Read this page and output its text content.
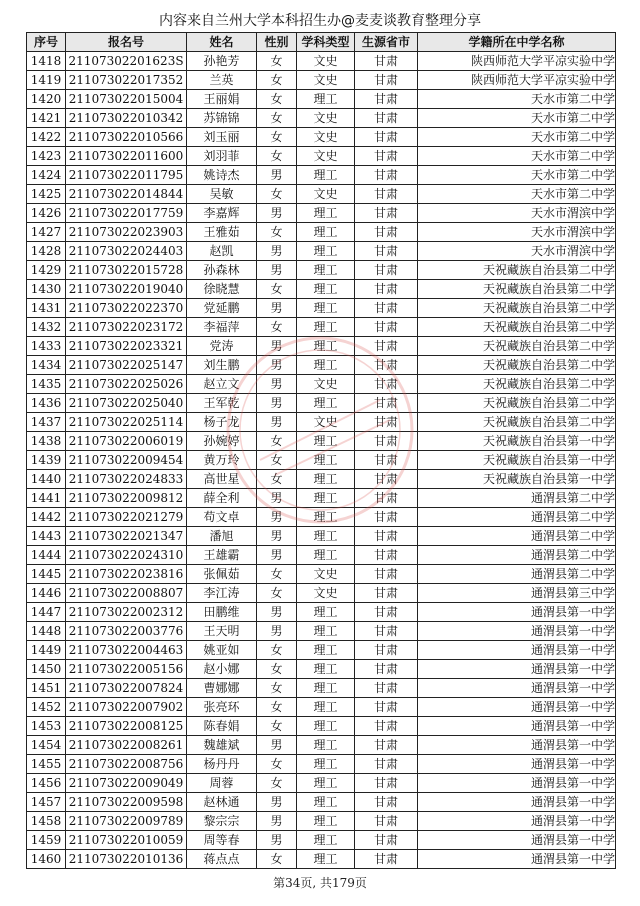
内容来自兰州大学本科招生办@麦麦谈教育整理分享
序号	报名号	姓名	性别	学科类型	生源省市	学籍所在中学名称
1418	21107302201623S	孙艳芳	女	文史	甘肃	陕西师范大学平凉实验中学
1419	211073022017352	兰英	女	文史	甘肃	陕西师范大学平凉实验中学
1420	211073022015004	王丽娟	女	理工	甘肃	天水市第二中学
1421	211073022010342	苏锦锦	女	文史	甘肃	天水市第二中学
1422	211073022010566	刘玉丽	女	文史	甘肃	天水市第二中学
1423	211073022011600	刘羽菲	女	文史	甘肃	天水市第二中学
1424	211073022011795	姚诗杰	男	理工	甘肃	天水市第二中学
1425	211073022014844	吴敏	女	文史	甘肃	天水市第二中学
1426	211073022017759	李嘉辉	男	理工	甘肃	天水市渭滨中学
1427	211073022023903	王雅茹	女	理工	甘肃	天水市渭滨中学
1428	211073022024403	赵凯	男	理工	甘肃	天水市渭滨中学
1429	211073022015728	孙森林	男	理工	甘肃	天祝藏族自治县第二中学
1430	211073022019040	徐晓慧	女	理工	甘肃	天祝藏族自治县第二中学
1431	211073022022370	党延鹏	男	理工	甘肃	天祝藏族自治县第二中学
1432	211073022023172	李福萍	女	理工	甘肃	天祝藏族自治县第二中学
1433	211073022023321	党涛	男	理工	甘肃	天祝藏族自治县第二中学
1434	211073022025147	刘生鹏	男	理工	甘肃	天祝藏族自治县第二中学
1435	211073022025026	赵立文	男	文史	甘肃	天祝藏族自治县第二中学
1436	211073022025040	王军乾	男	理工	甘肃	天祝藏族自治县第二中学
1437	211073022025114	杨子龙	男	文史	甘肃	天祝藏族自治县第二中学
1438	211073022006019	孙婉婷	女	理工	甘肃	天祝藏族自治县第一中学
1439	211073022009454	黄万玲	女	理工	甘肃	天祝藏族自治县第一中学
1440	211073022024833	高世星	女	理工	甘肃	天祝藏族自治县第一中学
1441	211073022009812	薛全利	男	理工	甘肃	通渭县第二中学
1442	211073022021279	苟文卓	男	理工	甘肃	通渭县第二中学
1443	211073022021347	潘旭	男	理工	甘肃	通渭县第二中学
1444	211073022024310	王雄霸	男	理工	甘肃	通渭县第二中学
1445	211073022023816	张佩茹	女	文史	甘肃	通渭县第二中学
1446	211073022008807	李江涛	女	文史	甘肃	通渭县第三中学
1447	211073022002312	田鹏维	男	理工	甘肃	通渭县第一中学
1448	211073022003776	王天明	男	理工	甘肃	通渭县第一中学
1449	211073022004463	姚亚如	女	理工	甘肃	通渭县第一中学
1450	211073022005156	赵小娜	女	理工	甘肃	通渭县第一中学
1451	211073022007824	曹娜娜	女	理工	甘肃	通渭县第一中学
1452	211073022007902	张亮环	女	理工	甘肃	通渭县第一中学
1453	211073022008125	陈春娟	女	理工	甘肃	通渭县第一中学
1454	211073022008261	魏雄斌	男	理工	甘肃	通渭县第一中学
1455	211073022008756	杨丹丹	女	理工	甘肃	通渭县第一中学
1456	211073022009049	周蓉	女	理工	甘肃	通渭县第一中学
1457	211073022009598	赵林通	男	理工	甘肃	通渭县第一中学
1458	211073022009789	黎宗宗	男	理工	甘肃	通渭县第一中学
1459	211073022010059	周等春	男	理工	甘肃	通渭县第一中学
1460	211073022010136	蒋点点	女	理工	甘肃	通渭县第一中学
第34页, 共179页
